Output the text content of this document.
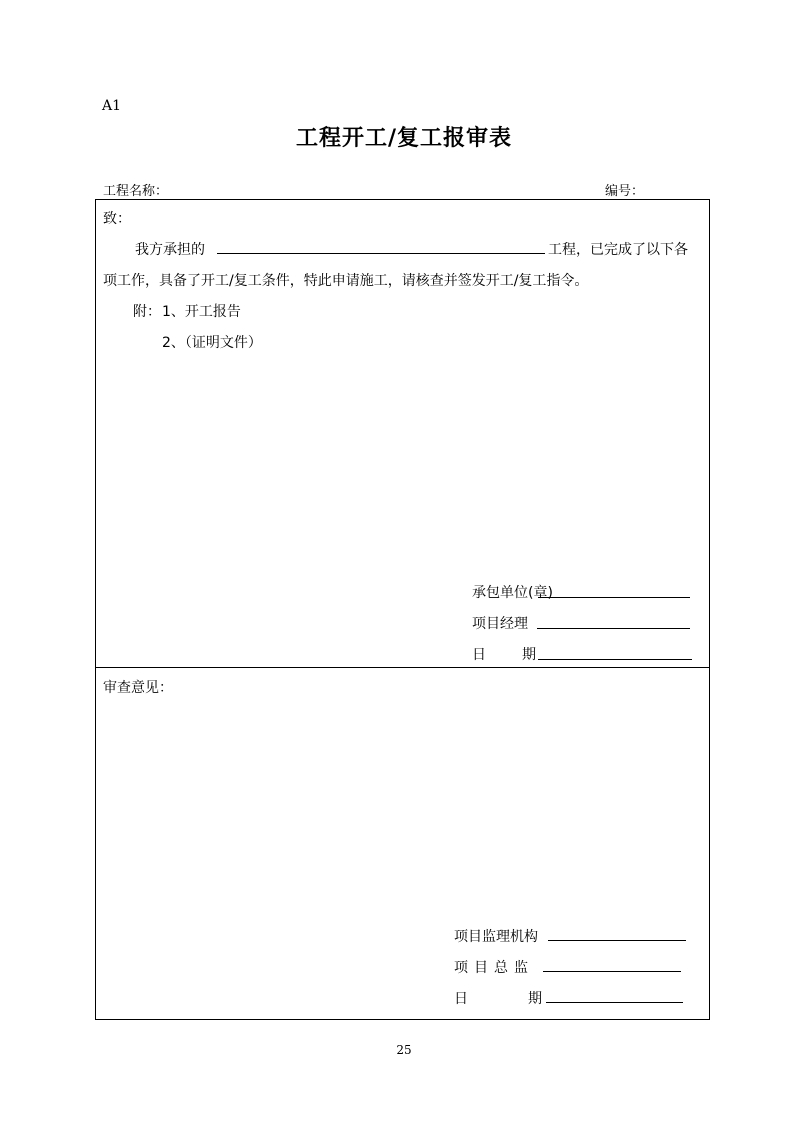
A1
工程开工/复工报审表
工程名称：	编号：
致：
我方承担的	工程，已完成了以下各
项工作，具备了开工/复工条件，特此申请施工，请核查并签发开工/复工指令。
附： 1、开工报告
2、（证明文件）
承包单位(章)
项目经理
日	期
审查意见：
项目监理机构
项目总监
日	期
25
